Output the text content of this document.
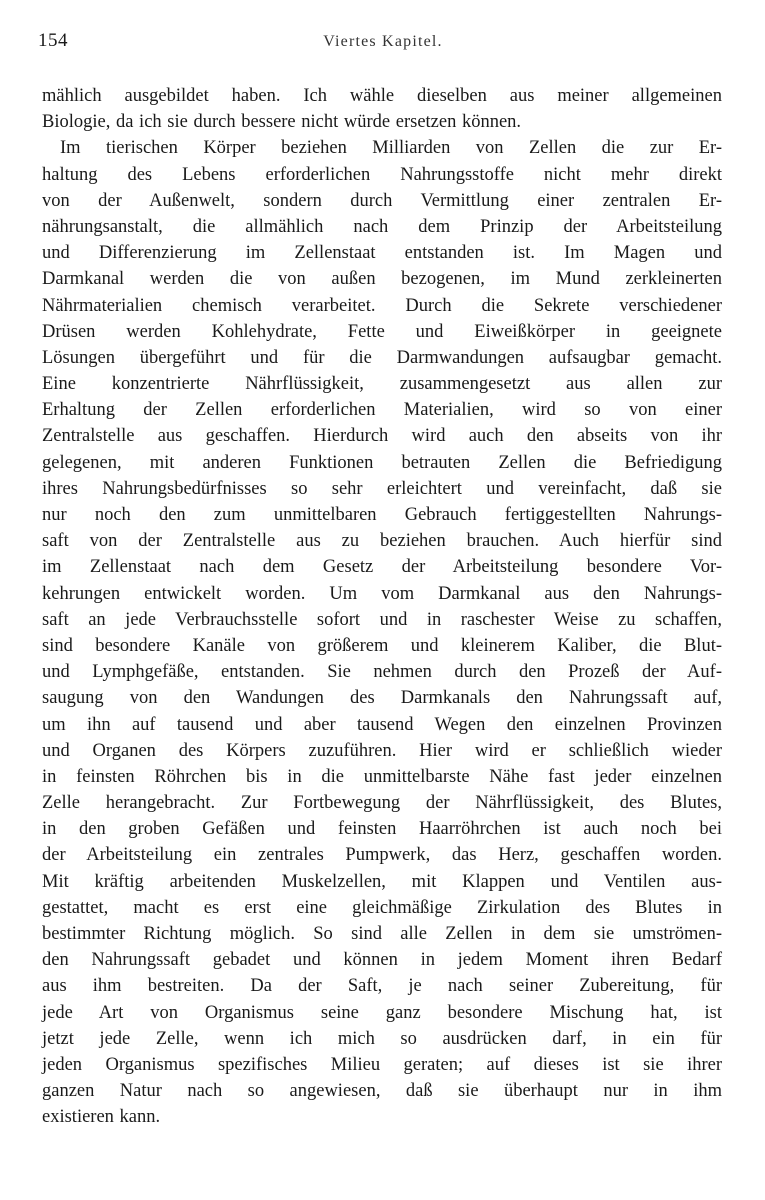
154	Viertes Kapitel.
mählich ausgebildet haben. Ich wähle dieselben aus meiner allgemeinen
Biologie, da ich sie durch bessere nicht würde ersetzen können.
Im tierischen Körper beziehen Milliarden von Zellen die zur Er-
haltung des Lebens erforderlichen Nahrungsstoffe nicht mehr direkt
von der Außenwelt, sondern durch Vermittlung einer zentralen Er-
nährungsanstalt, die allmählich nach dem Prinzip der Arbeitsteilung
und Differenzierung im Zellenstaat entstanden ist. Im Magen und
Darmkanal werden die von außen bezogenen, im Mund zerkleinerten
Nährmaterialien chemisch verarbeitet. Durch die Sekrete verschiedener
Drüsen werden Kohlehydrate, Fette und Eiweißkörper in geeignete
Lösungen übergeführt und für die Darmwandungen aufsaugbar gemacht.
Eine konzentrierte Nährflüssigkeit, zusammengesetzt aus allen zur
Erhaltung der Zellen erforderlichen Materialien, wird so von einer
Zentralstelle aus geschaffen. Hierdurch wird auch den abseits von ihr
gelegenen, mit anderen Funktionen betrauten Zellen die Befriedigung
ihres Nahrungsbedürfnisses so sehr erleichtert und vereinfacht, daß sie
nur noch den zum unmittelbaren Gebrauch fertiggestellten Nahrungs-
saft von der Zentralstelle aus zu beziehen brauchen. Auch hierfür sind
im Zellenstaat nach dem Gesetz der Arbeitsteilung besondere Vor-
kehrungen entwickelt worden. Um vom Darmkanal aus den Nahrungs-
saft an jede Verbrauchsstelle sofort und in raschester Weise zu schaffen,
sind besondere Kanäle von größerem und kleinerem Kaliber, die Blut-
und Lymphgefäße, entstanden. Sie nehmen durch den Prozeß der Auf-
saugung von den Wandungen des Darmkanals den Nahrungssaft auf,
um ihn auf tausend und aber tausend Wegen den einzelnen Provinzen
und Organen des Körpers zuzuführen. Hier wird er schließlich wieder
in feinsten Röhrchen bis in die unmittelbarste Nähe fast jeder einzelnen
Zelle herangebracht. Zur Fortbewegung der Nährflüssigkeit, des Blutes,
in den groben Gefäßen und feinsten Haarröhrchen ist auch noch bei
der Arbeitsteilung ein zentrales Pumpwerk, das Herz, geschaffen worden.
Mit kräftig arbeitenden Muskelzellen, mit Klappen und Ventilen aus-
gestattet, macht es erst eine gleichmäßige Zirkulation des Blutes in
bestimmter Richtung möglich. So sind alle Zellen in dem sie umströmen-
den Nahrungssaft gebadet und können in jedem Moment ihren Bedarf
aus ihm bestreiten. Da der Saft, je nach seiner Zubereitung, für
jede Art von Organismus seine ganz besondere Mischung hat, ist
jetzt jede Zelle, wenn ich mich so ausdrücken darf, in ein für
jeden Organismus spezifisches Milieu geraten; auf dieses ist sie ihrer
ganzen Natur nach so angewiesen, daß sie überhaupt nur in ihm
existieren kann.
